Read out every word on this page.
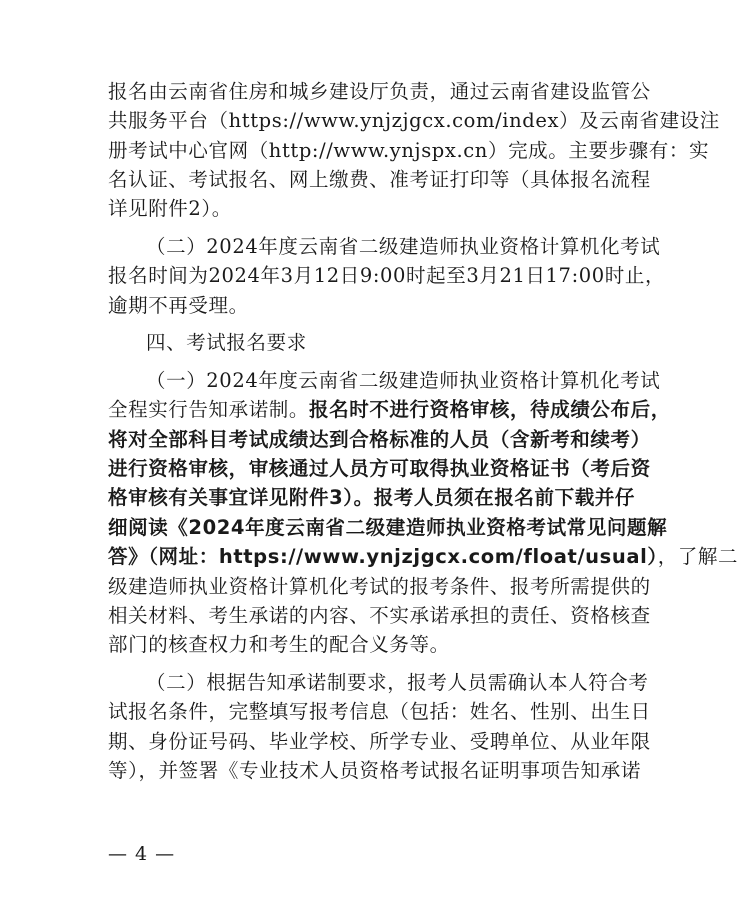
报名由云南省住房和城乡建设厅负责，通过云南省建设监管公
共服务平台（https://www.ynjzjgcx.com/index）及云南省建设注
册考试中心官网（http://www.ynjspx.cn）完成。主要步骤有：实
名认证、考试报名、网上缴费、准考证打印等（具体报名流程
详见附件2）。
（二）2024年度云南省二级建造师执业资格计算机化考试
报名时间为2024年3月12日9:00时起至3月21日17:00时止，
逾期不再受理。
四、考试报名要求
（一）2024年度云南省二级建造师执业资格计算机化考试
全程实行告知承诺制。报名时不进行资格审核，待成绩公布后，
将对全部科目考试成绩达到合格标准的人员（含新考和续考）
进行资格审核，审核通过人员方可取得执业资格证书（考后资
格审核有关事宜详见附件3）。报考人员须在报名前下载并仔
细阅读《2024年度云南省二级建造师执业资格考试常见问题解
答》（网址：https://www.ynjzjgcx.com/float/usual），了解二
级建造师执业资格计算机化考试的报考条件、报考所需提供的
相关材料、考生承诺的内容、不实承诺承担的责任、资格核查
部门的核查权力和考生的配合义务等。
（二）根据告知承诺制要求，报考人员需确认本人符合考
试报名条件，完整填写报考信息（包括：姓名、性别、出生日
期、身份证号码、毕业学校、所学专业、受聘单位、从业年限
等），并签署《专业技术人员资格考试报名证明事项告知承诺
— 4 —
